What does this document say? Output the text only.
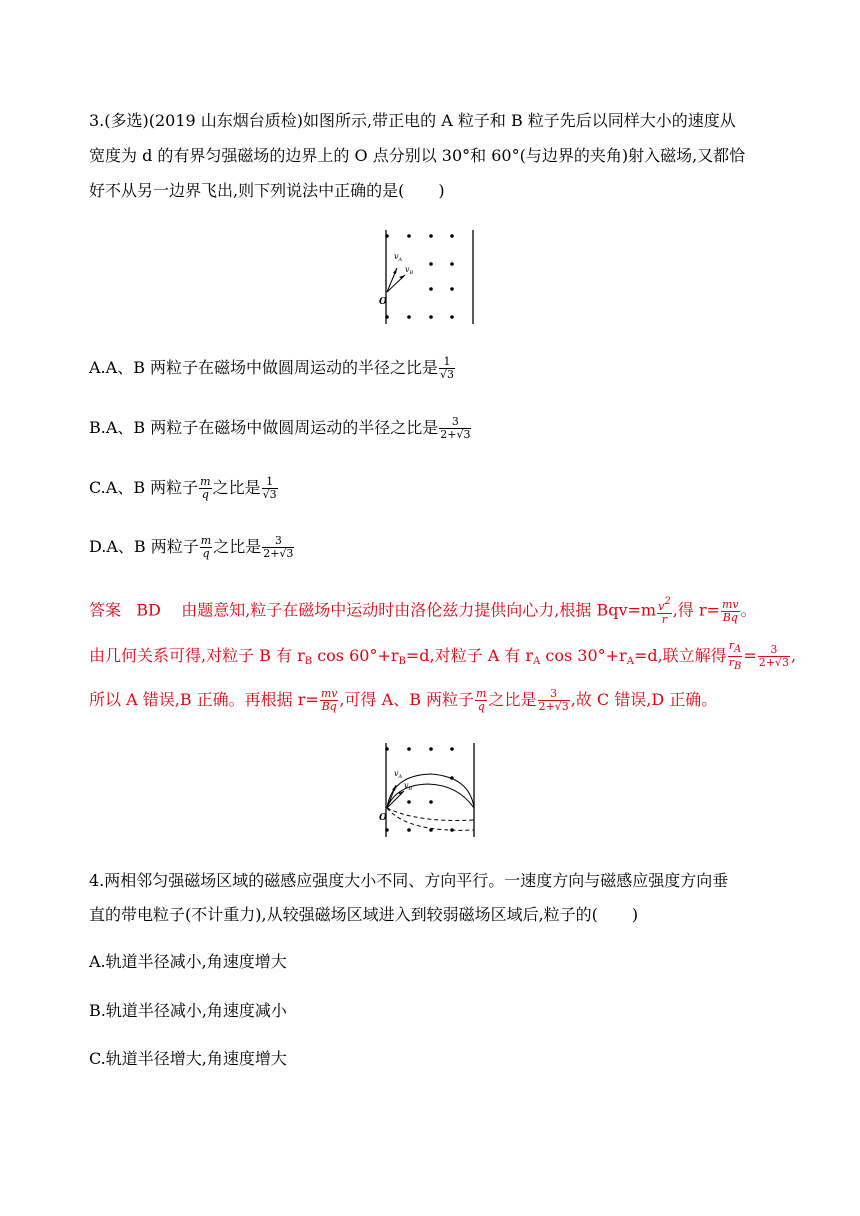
3.(多选)(2019 山东烟台质检)如图所示,带正电的 A 粒子和 B 粒子先后以同样大小的速度从
宽度为 d 的有界匀强磁场的边界上的 O 点分别以 30°和 60°(与边界的夹角)射入磁场,又都恰
好不从另一边界飞出,则下列说法中正确的是( )
$v_A$
$v_B$
O
A.A、B 两粒子在磁场中做圆周运动的半径之比是 $\frac{1}{√3}$
B.A、B 两粒子在磁场中做圆周运动的半径之比是 $\frac{3}{2+√3}$
C.A、B 两粒子 $\frac{m}{q}$ 之比是 $\frac{1}{√3}$
D.A、B 两粒子 $\frac{m}{q}$ 之比是 $\frac{3}{2+√3}$
答案 BD 由题意知,粒子在磁场中运动时由洛伦兹力提供向心力,根据 $Bqv=m \frac{v2}{r}$ ,得 $r= \frac{mv}{Bq}$ 。
由几何关系可得,对粒子 B 有 $r_B$ $\cos 60^\circ+r_B=d$,对粒子 A 有 $r_A$ $\cos 30^\circ+r_A=d$,联立解得 $\frac{rA}{rB} = \frac{3}{2+√3}$ ,
所以 A 错误,B 正确。再根据 $r= \frac{mv}{Bq}$ ,可得 A、B 两粒子 $\frac{m}{q}$ 之比是 $\frac{3}{2+√3}$ ,故 C 错误,D 正确。
$v_A$
$v_B$
O
4.两相邻匀强磁场区域的磁感应强度大小不同、方向平行。一速度方向与磁感应强度方向垂
直的带电粒子(不计重力),从较强磁场区域进入到较弱磁场区域后,粒子的( )
A.轨道半径减小,角速度增大
B.轨道半径减小,角速度减小
C.轨道半径增大,角速度增大
